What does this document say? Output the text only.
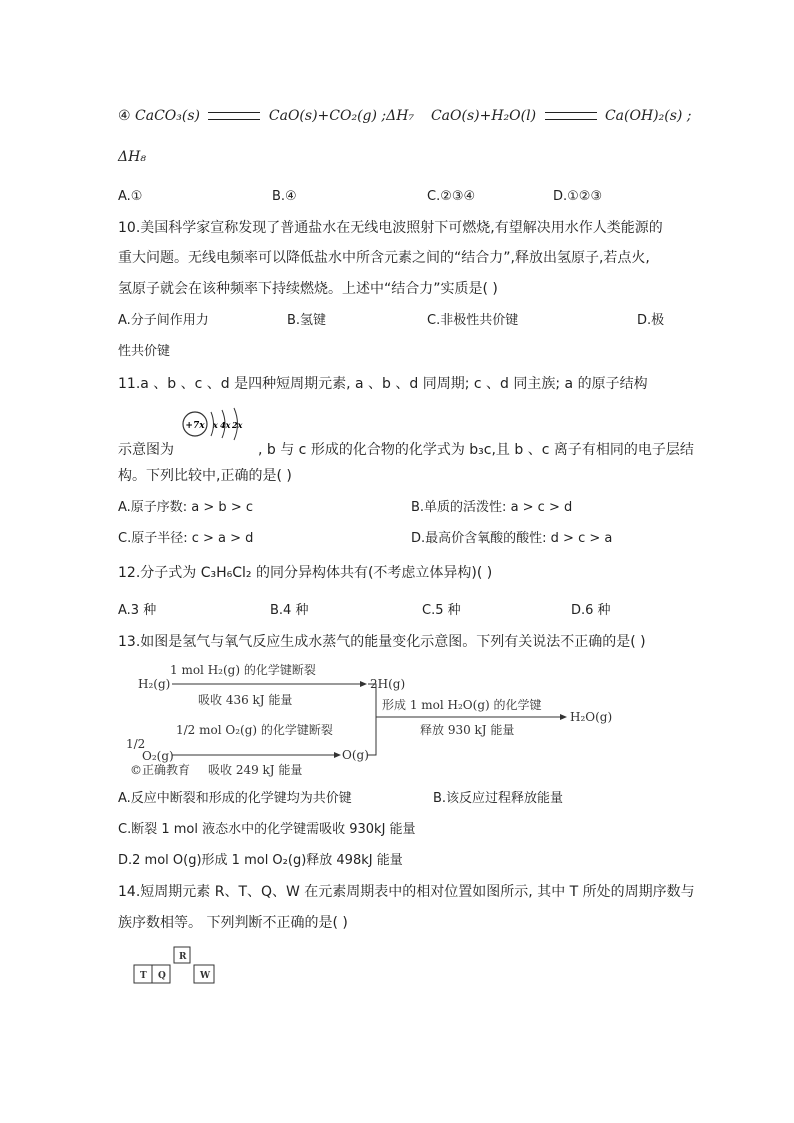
④ CaCO₃(s)	CaO(s)+CO₂(g) ;ΔH₇ CaO(s)+H₂O(l)	Ca(OH)₂(s) ;
ΔH₈
A.①	B.④	C.②③④	D.①②③
10.美国科学家宣称发现了普通盐水在无线电波照射下可燃烧,有望解决用水作人类能源的
重大问题。无线电频率可以降低盐水中所含元素之间的“结合力”,释放出氢原子,若点火,
氢原子就会在该种频率下持续燃烧。上述中“结合力”实质是( )
A.分子间作用力	B.氢键	C.非极性共价键	D.极
性共价键
11.a 、b 、c 、d 是四种短周期元素, a 、b 、d 同周期; c 、d 同主族; a 的原子结构
+7x x 4x 2x
示意图为	, b 与 c 形成的化合物的化学式为 b₃c,且 b 、c 离子有相同的电子层结
构。下列比较中,正确的是( )
A.原子序数: a > b > c	B.单质的活泼性: a > c > d
C.原子半径: c > a > d	D.最高价含氧酸的酸性: d > c > a
12.分子式为 C₃H₆Cl₂ 的同分异构体共有(不考虑立体异构)( )
A.3 种	B.4 种	C.5 种	D.6 种
13.如图是氢气与氧气反应生成水蒸气的能量变化示意图。下列有关说法不正确的是( )
H₂(g)
1 mol H₂(g) 的化学键断裂
吸收 436 kJ 能量
2H(g)
1/2
O₂(g)
1/2 mol O₂(g) 的化学键断裂
吸收 249 kJ 能量
O(g)
©正确教育
形成 1 mol H₂O(g) 的化学键
释放 930 kJ 能量
H₂O(g)
A.反应中断裂和形成的化学键均为共价键	B.该反应过程释放能量
C.断裂 1 mol 液态水中的化学键需吸收 930kJ 能量
D.2 mol O(g)形成 1 mol O₂(g)释放 498kJ 能量
14.短周期元素 R、T、Q、W 在元素周期表中的相对位置如图所示, 其中 T 所处的周期序数与
族序数相等。 下列判断不正确的是( )
R
T Q	W
